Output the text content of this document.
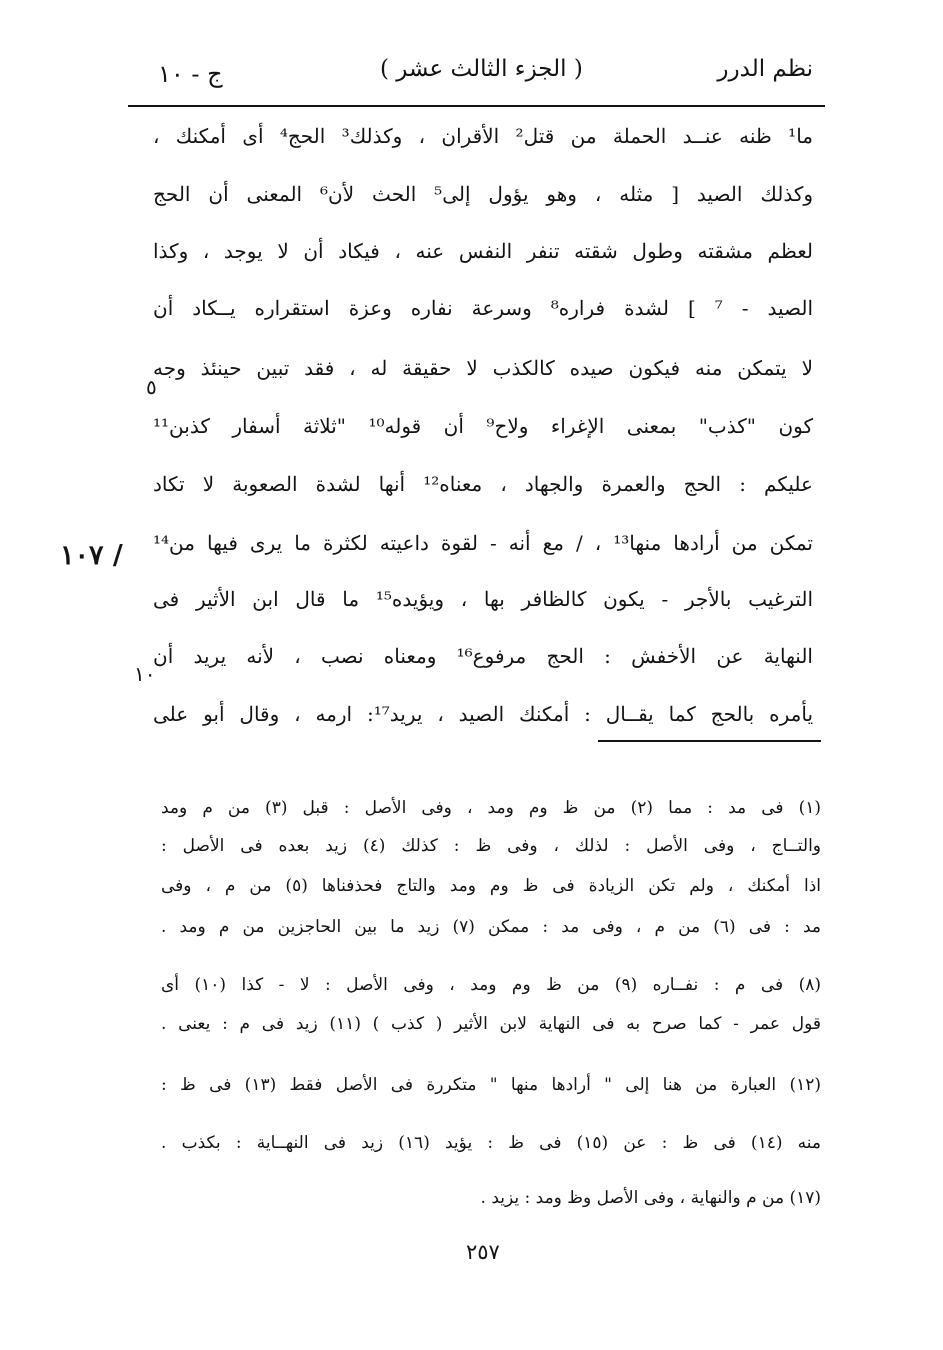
نظم الدرر
( الجزء الثالث عشر )
ج - ١٠
ما¹ ظنه عنــد الحملة من قتل² الأقران ، وكذلك³ الحج⁴ أى أمكنك ،
وكذلك الصيد [ مثله ، وهو يؤول إلى⁵ الحث لأن⁶ المعنى أن الحج
لعظم مشقته وطول شقته تنفر النفس عنه ، فيكاد أن لا يوجد ، وكذا
الصيد - ⁷ ] لشدة فراره⁸ وسرعة نفاره وعزة استقراره يــكاد أن
لا يتمكن منه فيكون صيده كالكذب لا حقيقة له ، فقد تبين حينئذ وجه
كون "كذب" بمعنى الإغراء ولاح⁹ أن قوله¹⁰ "ثلاثة أسفار كذبن¹¹
عليكم : الحج والعمرة والجهاد ، معناه¹² أنها لشدة الصعوبة لا تكاد
تمكن من أرادها منها¹³ ، / مع أنه - لقوة داعيته لكثرة ما يرى فيها من¹⁴
الترغيب بالأجر - يكون كالظافر بها ، ويؤيده¹⁵ ما قال ابن الأثير فى
النهاية عن الأخفش : الحج مرفوع¹⁶ ومعناه نصب ، لأنه يريد أن
يأمره بالحج كما يقــال : أمكنك الصيد ، يريد¹⁷: ارمه ، وقال أبو على
٥
١٠
/ ١٠٧
(١) فى مد : مما (٢) من ظ وم ومد ، وفى الأصل : قبل (٣) من م ومد
والتــاج ، وفى الأصل : لذلك ، وفى ظ : كذلك (٤) زيد بعده فى الأصل :
اذا أمكنك ، ولم تكن الزيادة فى ظ وم ومد والتاج فحذفناها (٥) من م ، وفى
مد : فى (٦) من م ، وفى مد : ممكن (٧) زيد ما بين الحاجزين من م ومد .
(٨) فى م : نفــاره (٩) من ظ وم ومد ، وفى الأصل : لا - كذا (١٠) أى
قول عمر - كما صرح به فى النهاية لابن الأثير ( كذب ) (١١) زيد فى م : يعنى .
(١٢) العبارة من هنا إلى " أرادها منها " متكررة فى الأصل فقط (١٣) فى ظ :
منه (١٤) فى ظ : عن (١٥) فى ظ : يؤيد (١٦) زيد فى النهــاية : بكذب .
(١٧) من م والنهاية ، وفى الأصل وظ ومد : يزيد .
٢٥٧
